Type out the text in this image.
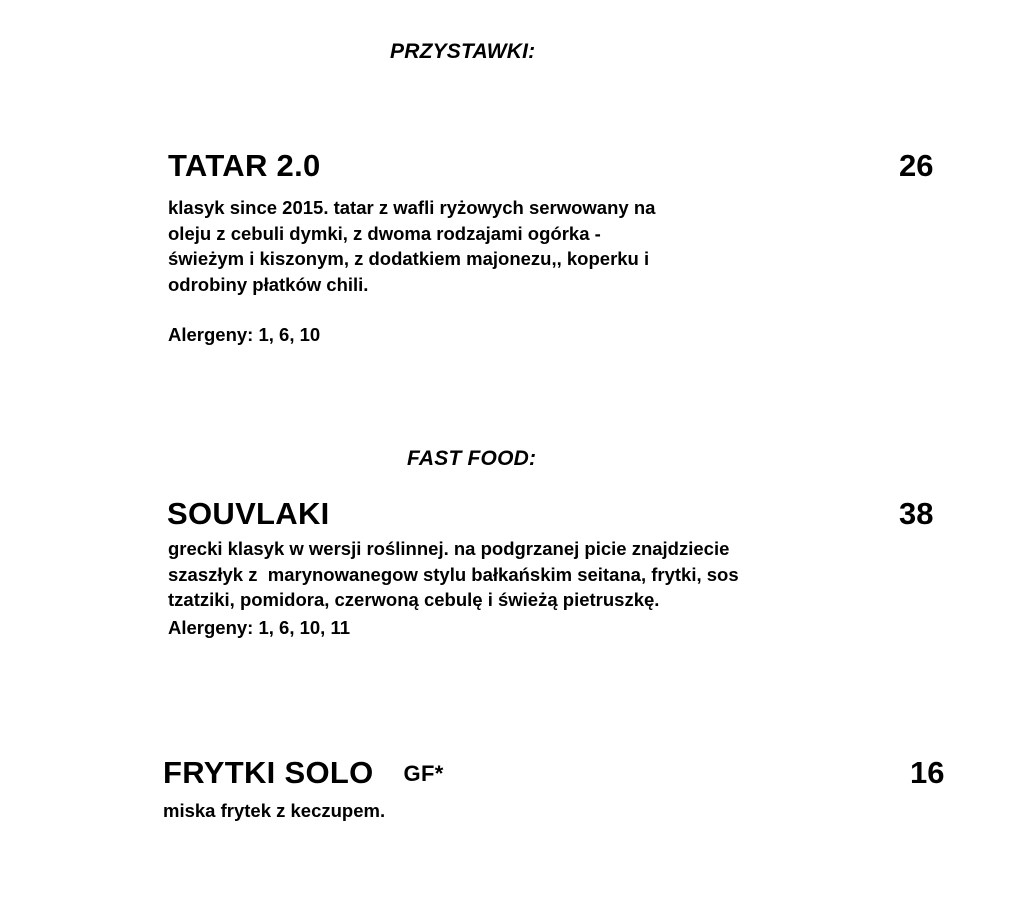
PRZYSTAWKI:
TATAR 2.0	26

klasyk since 2015. tatar z wafli ryżowych serwowany na
oleju z cebuli dymki, z dwoma rodzajami ogórka -
świeżym i kiszonym, z dodatkiem majonezu,, koperku i
odrobiny płatków chili.

Alergeny: 1, 6, 10

FAST FOOD:
SOUVLAKI	38

grecki klasyk w wersji roślinnej. na podgrzanej picie znajdziecie
szaszłyk z  marynowanegow stylu bałkańskim seitana, frytki, sos
tzatziki, pomidora, czerwoną cebulę i świeżą pietruszkę.

Alergeny: 1, 6, 10, 11

FRYTKI SOLO GF*	16

miska frytek z keczupem.
